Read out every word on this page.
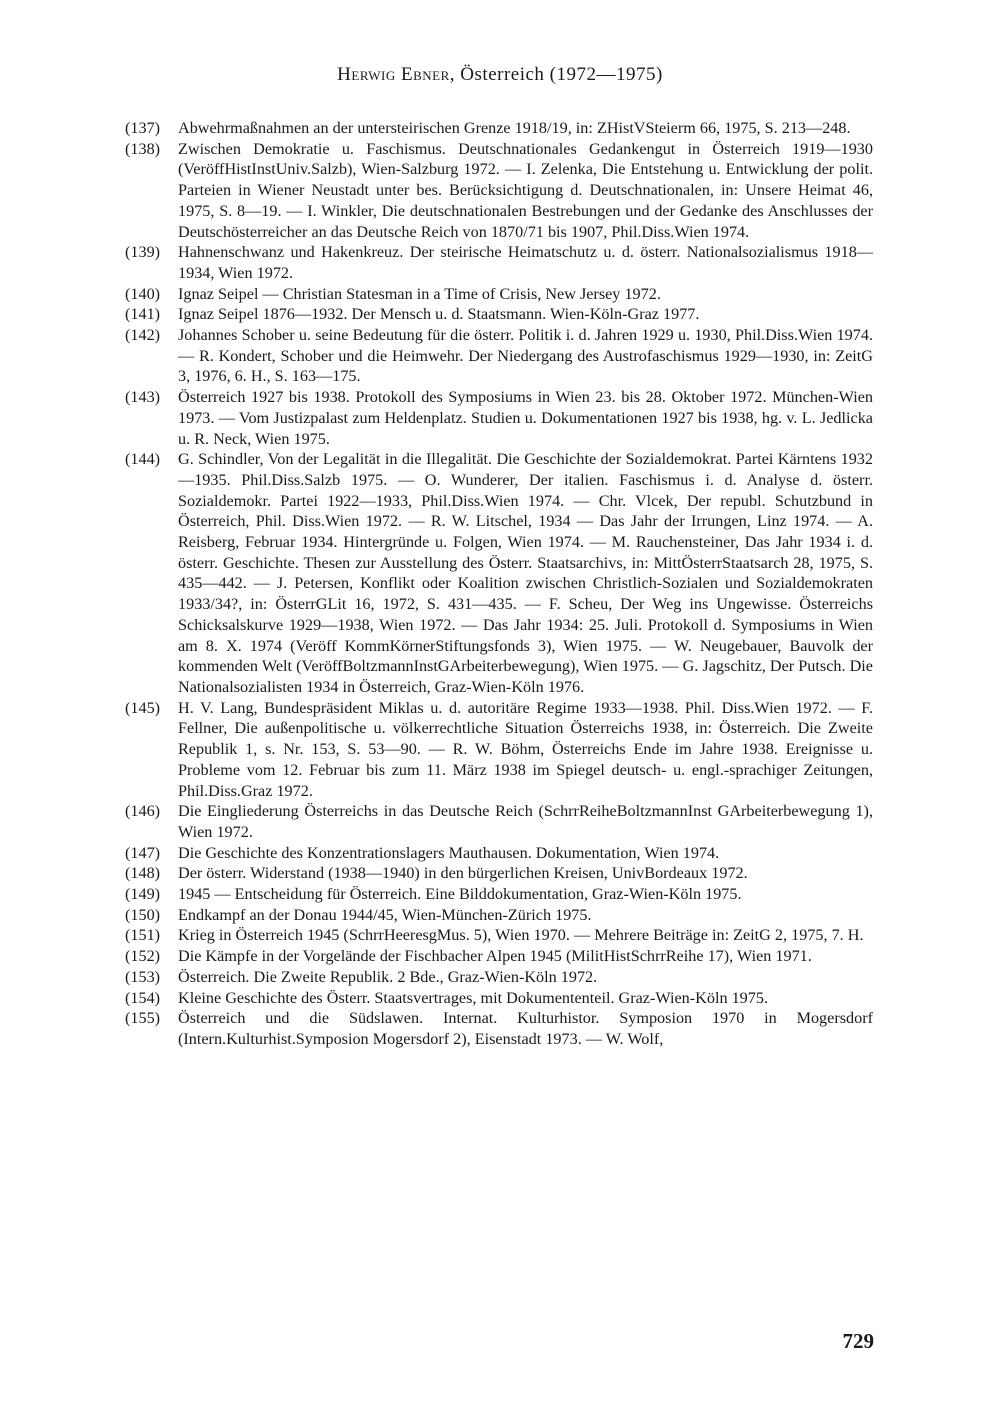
Herwig Ebner, Österreich (1972—1975)
(137)	Abwehrmaßnahmen an der untersteirischen Grenze 1918/19, in: ZHistVSteierm 66, 1975, S. 213—248.
(138)	Zwischen Demokratie u. Faschismus. Deutschnationales Gedankengut in Österreich 1919—1930 (VeröffHistInstUniv.Salzb), Wien-Salzburg 1972. — I. Zelenka, Die Entstehung u. Entwicklung der polit. Parteien in Wiener Neustadt unter bes. Berücksichtigung d. Deutschnationalen, in: Unsere Heimat 46, 1975, S. 8—19. — I. Winkler, Die deutschnationalen Bestrebungen und der Gedanke des Anschlusses der Deutschösterreicher an das Deutsche Reich von 1870/71 bis 1907, Phil.Diss.Wien 1974.
(139)	Hahnenschwanz und Hakenkreuz. Der steirische Heimatschutz u. d. österr. Nationalsozialismus 1918—1934, Wien 1972.
(140)	Ignaz Seipel — Christian Statesman in a Time of Crisis, New Jersey 1972.
(141)	Ignaz Seipel 1876—1932. Der Mensch u. d. Staatsmann. Wien-Köln-Graz 1977.
(142)	Johannes Schober u. seine Bedeutung für die österr. Politik i. d. Jahren 1929 u. 1930, Phil.Diss.Wien 1974. — R. Kondert, Schober und die Heimwehr. Der Niedergang des Austrofaschismus 1929—1930, in: ZeitG 3, 1976, 6. H., S. 163—175.
(143)	Österreich 1927 bis 1938. Protokoll des Symposiums in Wien 23. bis 28. Oktober 1972. München-Wien 1973. — Vom Justizpalast zum Heldenplatz. Studien u. Dokumentationen 1927 bis 1938, hg. v. L. Jedlicka u. R. Neck, Wien 1975.
(144)	G. Schindler, Von der Legalität in die Illegalität. Die Geschichte der Sozialdemokrat. Partei Kärntens 1932—1935. Phil.Diss.Salzb 1975. — O. Wunderer, Der italien. Faschismus i. d. Analyse d. österr. Sozialdemokr. Partei 1922—1933, Phil.Diss.Wien 1974. — Chr. Vlcek, Der republ. Schutzbund in Österreich, Phil. Diss.Wien 1972. — R. W. Litschel, 1934 — Das Jahr der Irrungen, Linz 1974. — A. Reisberg, Februar 1934. Hintergründe u. Folgen, Wien 1974. — M. Rauchensteiner, Das Jahr 1934 i. d. österr. Geschichte. Thesen zur Ausstellung des Österr. Staatsarchivs, in: MittÖsterrStaatsarch 28, 1975, S. 435—442. — J. Petersen, Konflikt oder Koalition zwischen Christlich-Sozialen und Sozialdemokraten 1933/34?, in: ÖsterrGLit 16, 1972, S. 431—435. — F. Scheu, Der Weg ins Ungewisse. Österreichs Schicksalskurve 1929—1938, Wien 1972. — Das Jahr 1934: 25. Juli. Protokoll d. Symposiums in Wien am 8. X. 1974 (Veröff KommKörnerStiftungsfonds 3), Wien 1975. — W. Neugebauer, Bauvolk der kommenden Welt (VeröffBoltzmannInstGArbeiterbewegung), Wien 1975. — G. Jagschitz, Der Putsch. Die Nationalsozialisten 1934 in Österreich, Graz-Wien-Köln 1976.
(145)	H. V. Lang, Bundespräsident Miklas u. d. autoritäre Regime 1933—1938. Phil. Diss.Wien 1972. — F. Fellner, Die außenpolitische u. völkerrechtliche Situation Österreichs 1938, in: Österreich. Die Zweite Republik 1, s. Nr. 153, S. 53—90. — R. W. Böhm, Österreichs Ende im Jahre 1938. Ereignisse u. Probleme vom 12. Februar bis zum 11. März 1938 im Spiegel deutsch- u. engl.-sprachiger Zeitungen, Phil.Diss.Graz 1972.
(146)	Die Eingliederung Österreichs in das Deutsche Reich (SchrrReiheBoltzmannInst GArbeiterbewegung 1), Wien 1972.
(147)	Die Geschichte des Konzentrationslagers Mauthausen. Dokumentation, Wien 1974.
(148)	Der österr. Widerstand (1938—1940) in den bürgerlichen Kreisen, UnivBordeaux 1972.
(149)	1945 — Entscheidung für Österreich. Eine Bilddokumentation, Graz-Wien-Köln 1975.
(150)	Endkampf an der Donau 1944/45, Wien-München-Zürich 1975.
(151)	Krieg in Österreich 1945 (SchrrHeeresgMus. 5), Wien 1970. — Mehrere Beiträge in: ZeitG 2, 1975, 7. H.
(152)	Die Kämpfe in der Vorgelände der Fischbacher Alpen 1945 (MilitHistSchrrReihe 17), Wien 1971.
(153)	Österreich. Die Zweite Republik. 2 Bde., Graz-Wien-Köln 1972.
(154)	Kleine Geschichte des Österr. Staatsvertrages, mit Dokumententeil. Graz-Wien-Köln 1975.
(155)	Österreich und die Südslawen. Internat. Kulturhistor. Symposion 1970 in Mogersdorf (Intern.Kulturhist.Symposion Mogersdorf 2), Eisenstadt 1973. — W. Wolf,
729
